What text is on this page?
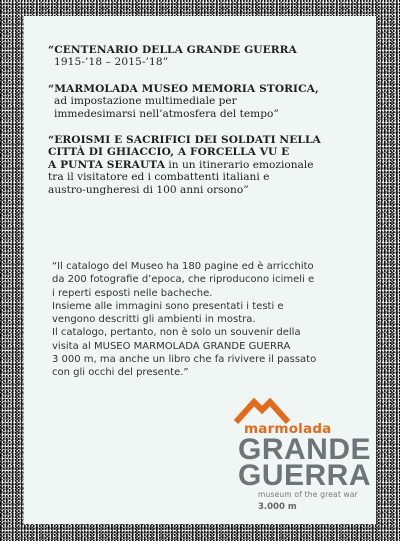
“CENTENARIO DELLA GRANDE GUERRA
1915-’18 – 2015-’18”

“MARMOLADA MUSEO MEMORIA STORICA,
ad impostazione multimediale per
immedesimarsi nell’atmosfera del tempo”

“EROISMI E SACRIFICI DEI SOLDATI NELLA
CITTÀ DI GHIACCIO, A FORCELLA VU E
A PUNTA SERAUTA in un itinerario emozionale
tra il visitatore ed i combattenti italiani e
austro-ungheresi di 100 anni orsono”

“Il catalogo del Museo ha 180 pagine ed è arricchito

da 200 fotografie d’epoca, che riproducono icimeli e

i reperti esposti nelle bacheche.

Insieme alle immagini sono presentati i testi e

vengono descritti gli ambienti in mostra.

Il catalogo, pertanto, non è solo un souvenir della

visita al MUSEO MARMOLADA GRANDE GUERRA

3 000 m, ma anche un libro che fa rivivere il passato

con gli occhi del presente.”

marmolada
GRANDE
GUERRA
museum of the great war
3.000 m
